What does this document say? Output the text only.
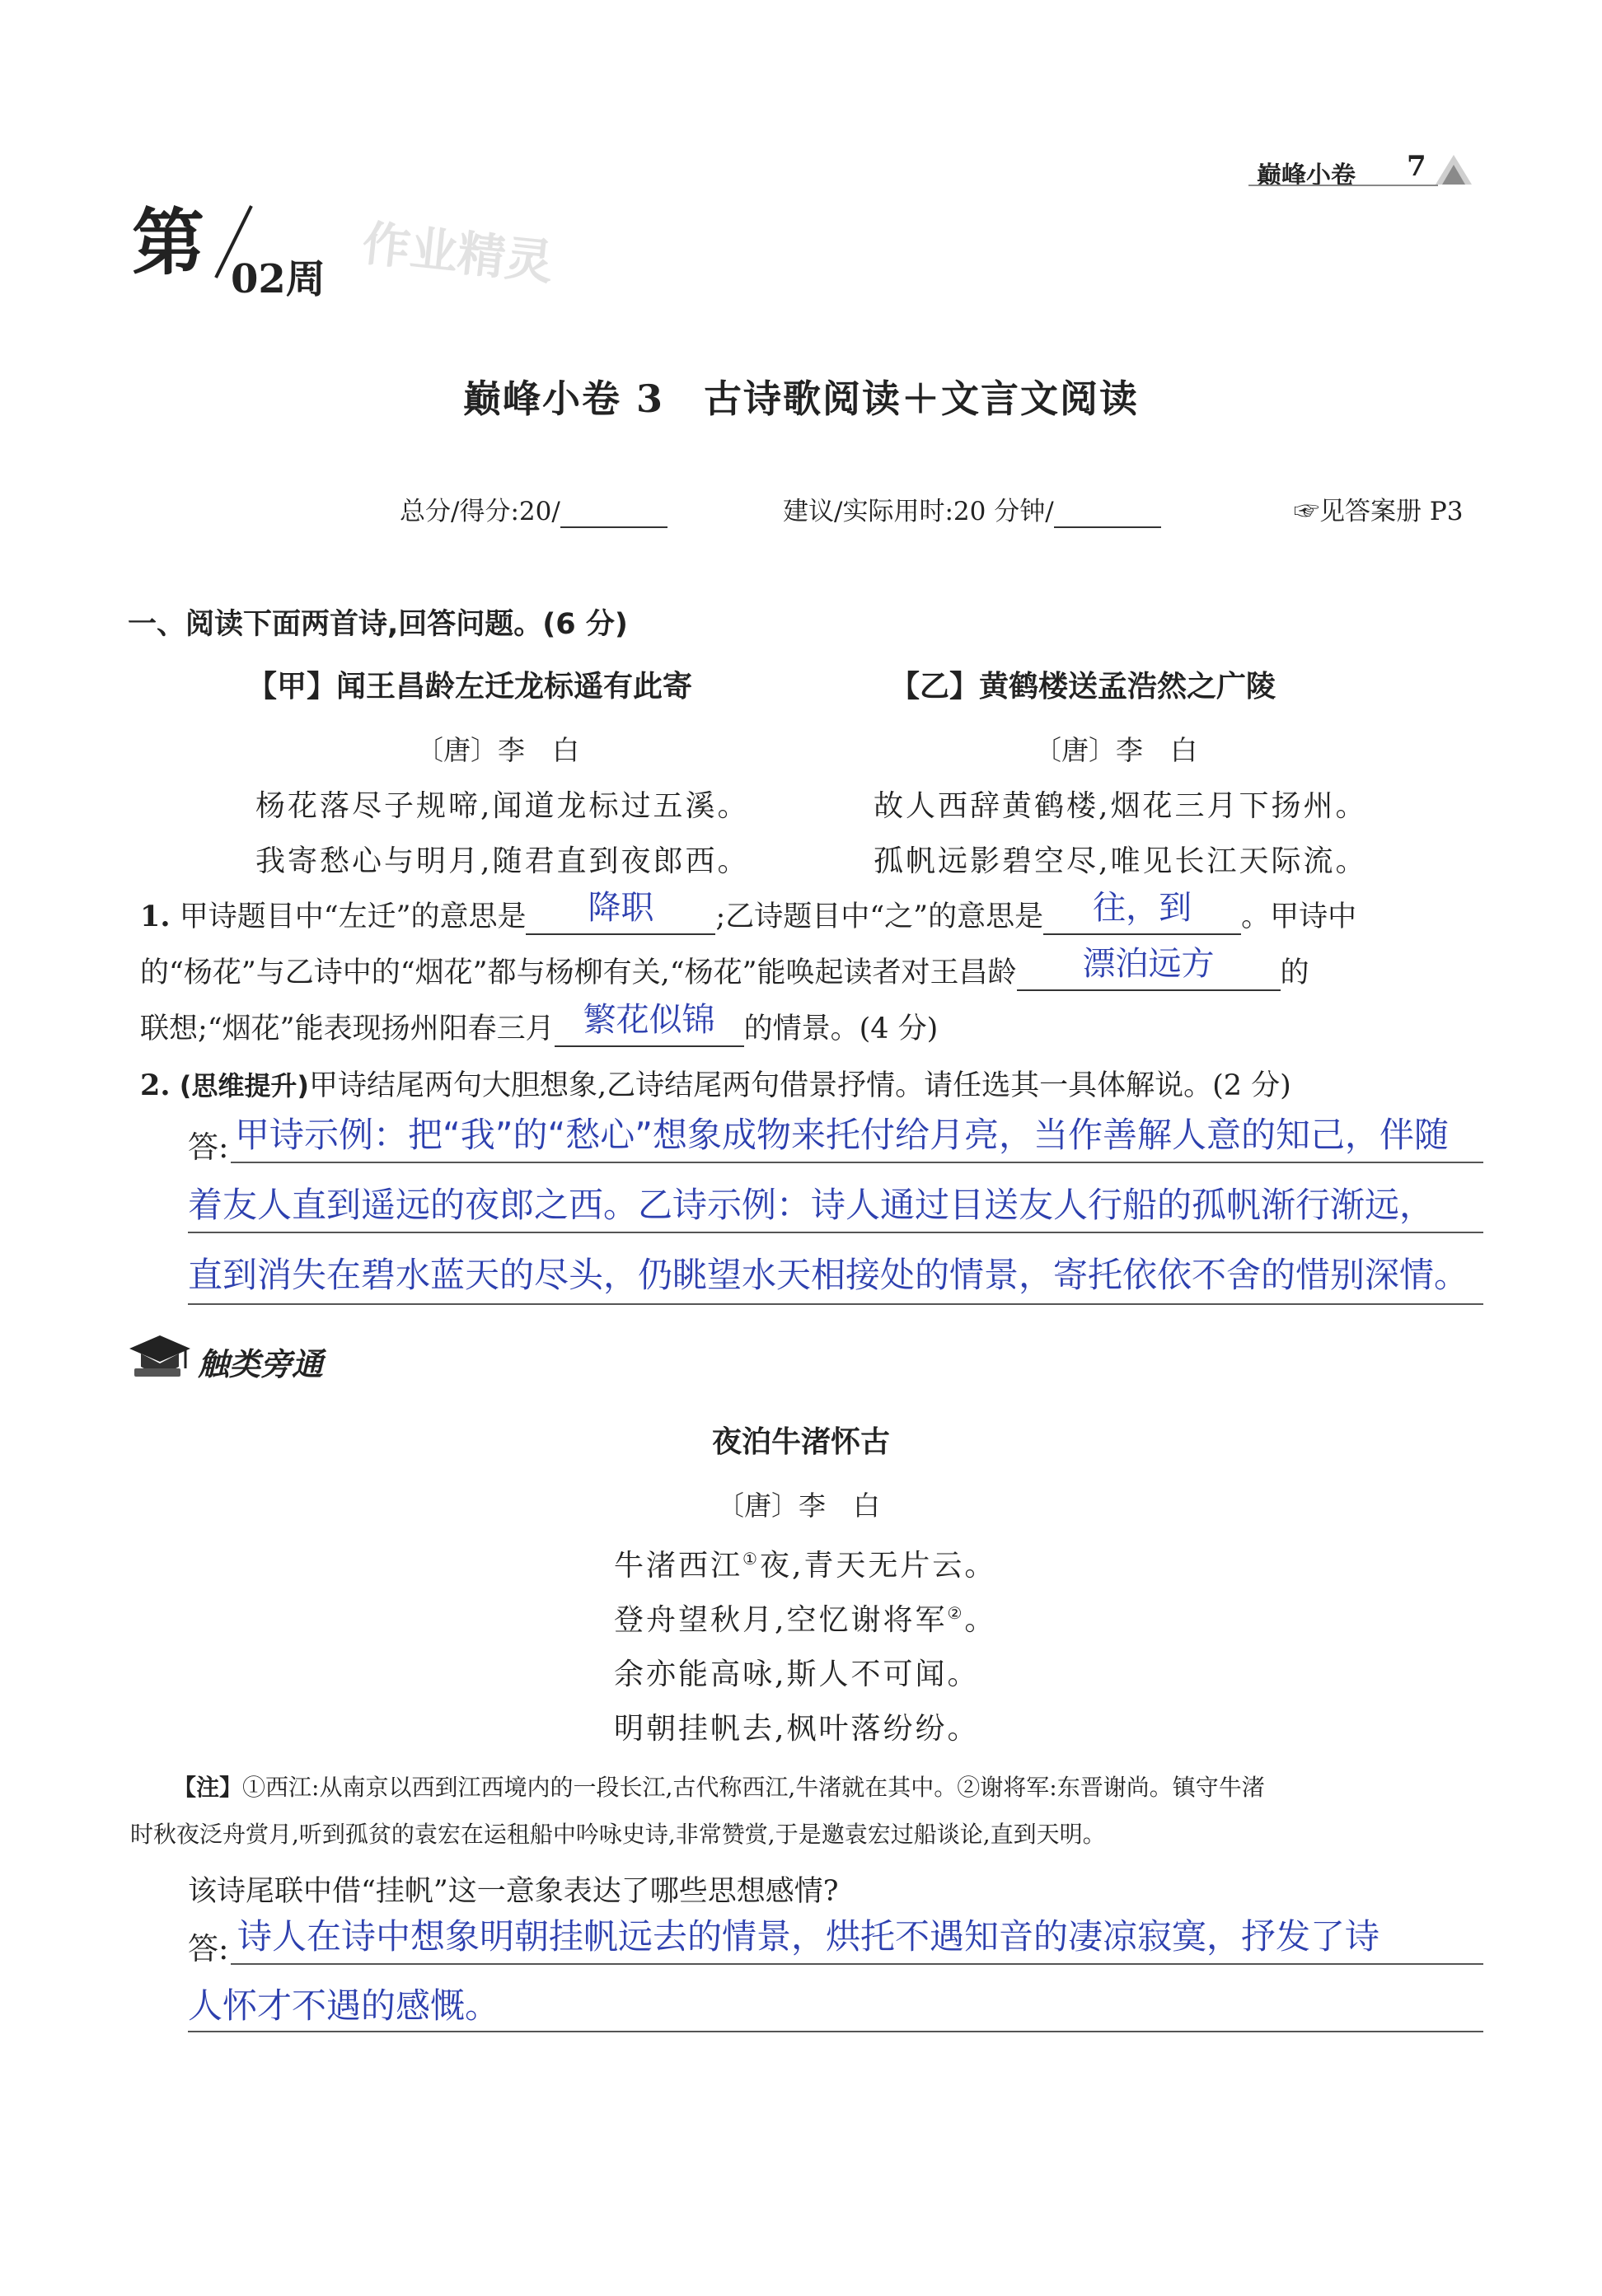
巅峰小卷 7
第 02周 作业精灵
巅峰小卷 3　古诗歌阅读＋文言文阅读
总分/得分:20/	建议/实际用时:20 分钟/	☞见答案册 P3
一、阅读下面两首诗,回答问题。(6 分)
【甲】闻王昌龄左迁龙标遥有此寄	【乙】黄鹤楼送孟浩然之广陵
〔唐〕李　白	〔唐〕李　白
杨花落尽子规啼,闻道龙标过五溪。
我寄愁心与明月,随君直到夜郎西。
故人西辞黄鹤楼,烟花三月下扬州。
孤帆远影碧空尽,唯见长江天际流。
1. 甲诗题目中“左迁”的意思是	降职	;乙诗题目中“之”的意思是	往，到	。甲诗中
的“杨花”与乙诗中的“烟花”都与杨柳有关,“杨花”能唤起读者对王昌龄	漂泊远方	的
联想;“烟花”能表现扬州阳春三月 繁花似锦	的情景。(4 分)
2. (思维提升)甲诗结尾两句大胆想象,乙诗结尾两句借景抒情。请任选其一具体解说。(2 分)
答: 甲诗示例：把“我”的“愁心”想象成物来托付给月亮，当作善解人意的知己，伴随
着友人直到遥远的夜郎之西。乙诗示例：诗人通过目送友人行船的孤帆渐行渐远，
直到消失在碧水蓝天的尽头，仍眺望水天相接处的情景，寄托依依不舍的惜别深情。
触类旁通
夜泊牛渚怀古
〔唐〕李　白
牛渚西江①夜,青天无片云。
登舟望秋月,空忆谢将军②。
余亦能高咏,斯人不可闻。
明朝挂帆去,枫叶落纷纷。
【注】①西江:从南京以西到江西境内的一段长江,古代称西江,牛渚就在其中。②谢将军:东晋谢尚。镇守牛渚
时秋夜泛舟赏月,听到孤贫的袁宏在运租船中吟咏史诗,非常赞赏,于是邀袁宏过船谈论,直到天明。
该诗尾联中借“挂帆”这一意象表达了哪些思想感情?
答: 诗人在诗中想象明朝挂帆远去的情景，烘托不遇知音的凄凉寂寞，抒发了诗
人怀才不遇的感慨。
